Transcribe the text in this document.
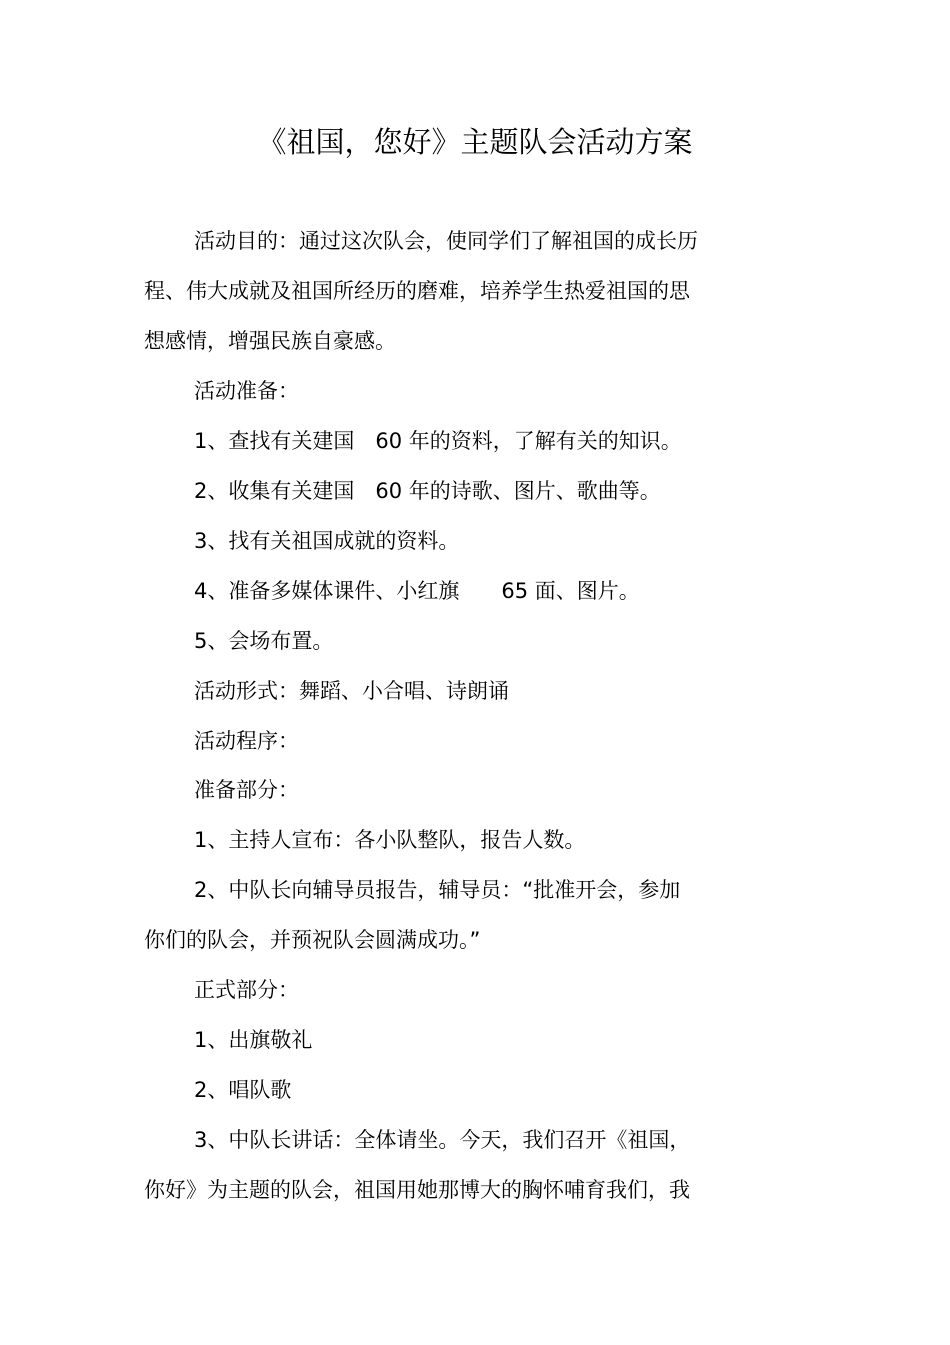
《祖国，您好》主题队会活动方案
活动目的：通过这次队会，使同学们了解祖国的成长历
程、伟大成就及祖国所经历的磨难，培养学生热爱祖国的思
想感情，增强民族自豪感。
活动准备：
1、查找有关建国　60 年的资料，了解有关的知识。
2、收集有关建国　60 年的诗歌、图片、歌曲等。
3、找有关祖国成就的资料。
4、准备多媒体课件、小红旗　　65 面、图片。
5、会场布置。
活动形式：舞蹈、小合唱、诗朗诵
活动程序：
准备部分：
1、主持人宣布：各小队整队，报告人数。
2、中队长向辅导员报告，辅导员：“批准开会，参加
你们的队会，并预祝队会圆满成功。”
正式部分：
1、出旗敬礼
2、唱队歌
3、中队长讲话：全体请坐。今天，我们召开《祖国，
你好》为主题的队会，祖国用她那博大的胸怀哺育我们，我
